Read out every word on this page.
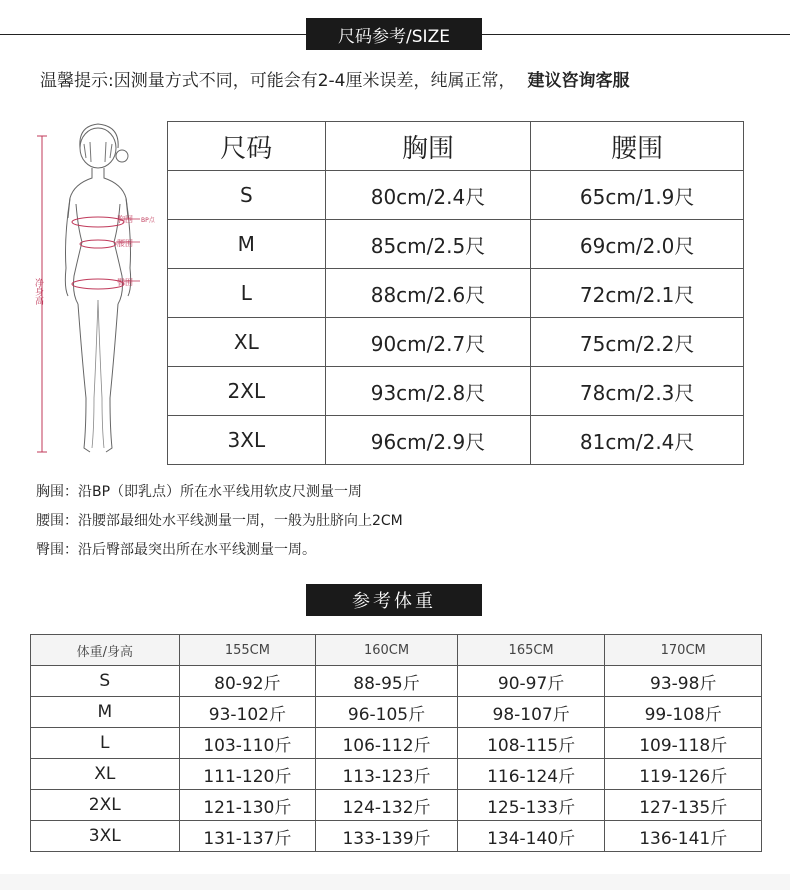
尺码参考/SIZE
温馨提示:因测量方式不同，可能会有2-4厘米误差，纯属正常， 建议咨询客服
胸围 BP点
腰围
臀围
净身高
尺码	胸围	腰围
S	80cm/2.4尺	65cm/1.9尺
M	85cm/2.5尺	69cm/2.0尺
L	88cm/2.6尺	72cm/2.1尺
XL	90cm/2.7尺	75cm/2.2尺
2XL	93cm/2.8尺	78cm/2.3尺
3XL	96cm/2.9尺	81cm/2.4尺
胸围：沿BP（即乳点）所在水平线用软皮尺测量一周
腰围：沿腰部最细处水平线测量一周，一般为肚脐向上2CM
臀围：沿后臀部最突出所在水平线测量一周。
参考体重
体重/身高	155CM	160CM	165CM	170CM
S	80-92斤	88-95斤	90-97斤	93-98斤
M	93-102斤	96-105斤	98-107斤	99-108斤
L	103-110斤	106-112斤	108-115斤	109-118斤
XL	111-120斤	113-123斤	116-124斤	119-126斤
2XL	121-130斤	124-132斤	125-133斤	127-135斤
3XL	131-137斤	133-139斤	134-140斤	136-141斤
